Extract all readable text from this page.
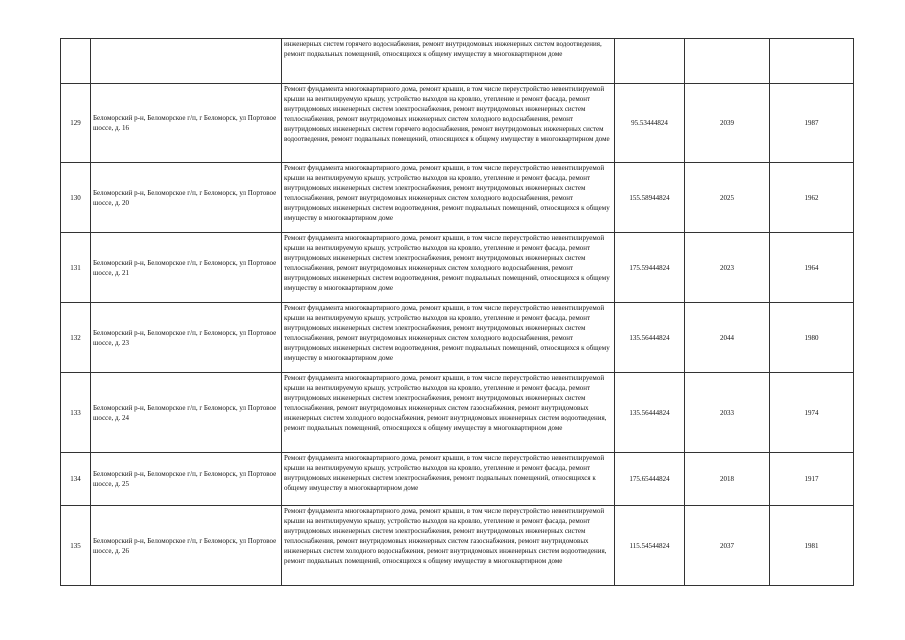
		инженерных систем горячего водоснабжения, ремонт внутридомовых инженерных систем водоотведения, ремонт подвальных помещений, относящихся к общему имуществу в многоквартирном доме			
129	Беломорский р-н, Беломорское г/п, г Беломорск, ул Портовое шоссе, д. 16	Ремонт фундамента многоквартирного дома, ремонт крыши, в том числе переустройство невентилируемой крыши на вентилируемую крышу, устройство выходов на кровлю, утепление и ремонт фасада, ремонт внутридомовых инженерных систем электроснабжения, ремонт внутридомовых инженерных систем теплоснабжения, ремонт внутридомовых инженерных систем холодного водоснабжения, ремонт внутридомовых инженерных систем горячего водоснабжения, ремонт внутридомовых инженерных систем водоотведения, ремонт подвальных помещений, относящихся к общему имуществу в многоквартирном доме	95.53444824	2039	1987
130	Беломорский р-н, Беломорское г/п, г Беломорск, ул Портовое шоссе, д. 20	Ремонт фундамента многоквартирного дома, ремонт крыши, в том числе переустройство невентилируемой крыши на вентилируемую крышу, устройство выходов на кровлю, утепление и ремонт фасада, ремонт внутридомовых инженерных систем электроснабжения, ремонт внутридомовых инженерных систем теплоснабжения, ремонт внутридомовых инженерных систем холодного водоснабжения, ремонт внутридомовых инженерных систем водоотведения, ремонт подвальных помещений, относящихся к общему имуществу в многоквартирном доме	155.58944824	2025	1962
131	Беломорский р-н, Беломорское г/п, г Беломорск, ул Портовое шоссе, д. 21	Ремонт фундамента многоквартирного дома, ремонт крыши, в том числе переустройство невентилируемой крыши на вентилируемую крышу, устройство выходов на кровлю, утепление и ремонт фасада, ремонт внутридомовых инженерных систем электроснабжения, ремонт внутридомовых инженерных систем теплоснабжения, ремонт внутридомовых инженерных систем холодного водоснабжения, ремонт внутридомовых инженерных систем водоотведения, ремонт подвальных помещений, относящихся к общему имуществу в многоквартирном доме	175.59444824	2023	1964
132	Беломорский р-н, Беломорское г/п, г Беломорск, ул Портовое шоссе, д. 23	Ремонт фундамента многоквартирного дома, ремонт крыши, в том числе переустройство невентилируемой крыши на вентилируемую крышу, устройство выходов на кровлю, утепление и ремонт фасада, ремонт внутридомовых инженерных систем электроснабжения, ремонт внутридомовых инженерных систем теплоснабжения, ремонт внутридомовых инженерных систем холодного водоснабжения, ремонт внутридомовых инженерных систем водоотведения, ремонт подвальных помещений, относящихся к общему имуществу в многоквартирном доме	135.56444824	2044	1980
133	Беломорский р-н, Беломорское г/п, г Беломорск, ул Портовое шоссе, д. 24	Ремонт фундамента многоквартирного дома, ремонт крыши, в том числе переустройство невентилируемой крыши на вентилируемую крышу, устройство выходов на кровлю, утепление и ремонт фасада, ремонт внутридомовых инженерных систем электроснабжения, ремонт внутридомовых инженерных систем теплоснабжения, ремонт внутридомовых инженерных систем газоснабжения, ремонт внутридомовых инженерных систем холодного водоснабжения, ремонт внутридомовых инженерных систем водоотведения, ремонт подвальных помещений, относящихся к общему имуществу в многоквартирном доме	135.56444824	2033	1974
134	Беломорский р-н, Беломорское г/п, г Беломорск, ул Портовое шоссе, д. 25	Ремонт фундамента многоквартирного дома, ремонт крыши, в том числе переустройство невентилируемой крыши на вентилируемую крышу, устройство выходов на кровлю, утепление и ремонт фасада, ремонт внутридомовых инженерных систем электроснабжения, ремонт подвальных помещений, относящихся к общему имуществу в многоквартирном доме	175.65444824	2018	1917
135	Беломорский р-н, Беломорское г/п, г Беломорск, ул Портовое шоссе, д. 26	Ремонт фундамента многоквартирного дома, ремонт крыши, в том числе переустройство невентилируемой крыши на вентилируемую крышу, устройство выходов на кровлю, утепление и ремонт фасада, ремонт внутридомовых инженерных систем электроснабжения, ремонт внутридомовых инженерных систем теплоснабжения, ремонт внутридомовых инженерных систем газоснабжения, ремонт внутридомовых инженерных систем холодного водоснабжения, ремонт внутридомовых инженерных систем водоотведения, ремонт подвальных помещений, относящихся к общему имуществу в многоквартирном доме	115.54544824	2037	1981
